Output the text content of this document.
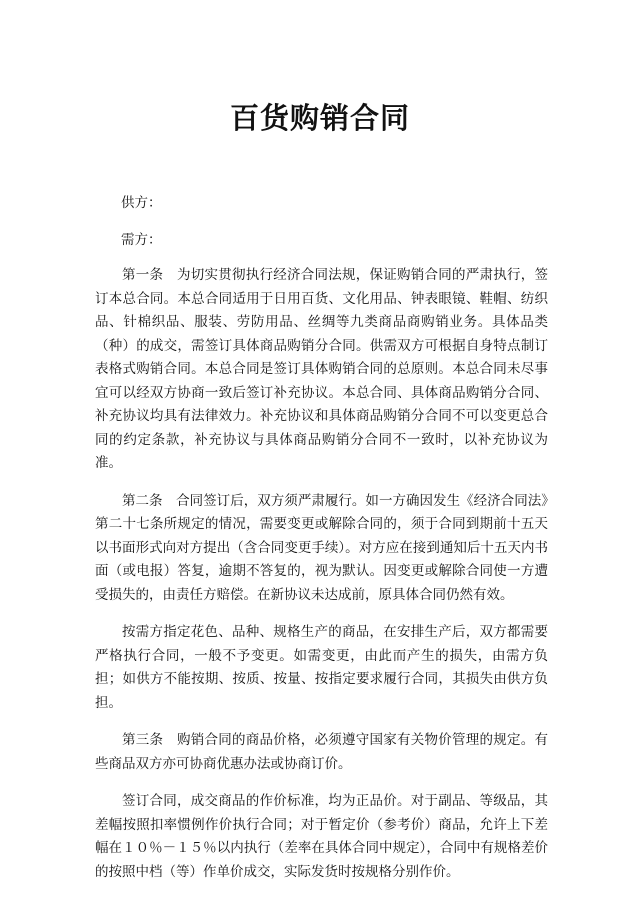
百货购销合同

供方：

需方：

第一条　为切实贯彻执行经济合同法规，保证购销合同的严肃执行，签订本总合同。本总合同适用于日用百货、文化用品、钟表眼镜、鞋帽、纺织品、针棉织品、服装、劳防用品、丝绸等九类商品商购销业务。具体品类（种）的成交，需签订具体商品购销分合同。供需双方可根据自身特点制订表格式购销合同。本总合同是签订具体购销合同的总原则。本总合同未尽事宜可以经双方协商一致后签订补充协议。本总合同、具体商品购销分合同、补充协议均具有法律效力。补充协议和具体商品购销分合同不可以变更总合同的约定条款，补充协议与具体商品购销分合同不一致时，以补充协议为准。

第二条　合同签订后，双方须严肃履行。如一方确因发生《经济合同法》第二十七条所规定的情况，需要变更或解除合同的，须于合同到期前十五天以书面形式向对方提出（含合同变更手续）。对方应在接到通知后十五天内书面（或电报）答复，逾期不答复的，视为默认。因变更或解除合同使一方遭受损失的，由责任方赔偿。在新协议未达成前，原具体合同仍然有效。

按需方指定花色、品种、规格生产的商品，在安排生产后，双方都需要严格执行合同，一般不予变更。如需变更，由此而产生的损失，由需方负担；如供方不能按期、按质、按量、按指定要求履行合同，其损失由供方负担。

第三条　购销合同的商品价格，必须遵守国家有关物价管理的规定。有些商品双方亦可协商优惠办法或协商订价。

签订合同，成交商品的作价标准，均为正品价。对于副品、等级品，其差幅按照扣率惯例作价执行合同；对于暂定价（参考价）商品，允许上下差幅在１０％－１５％以内执行（差率在具体合同中规定），合同中有规格差价的按照中档（等）作单价成交，实际发货时按规格分别作价。
